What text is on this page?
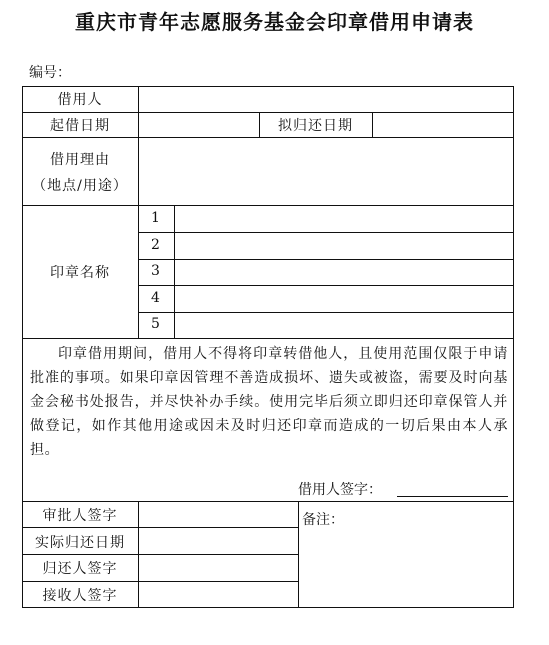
重庆市青年志愿服务基金会印章借用申请表
编号：
借用人
起借日期	拟归还日期
借用理由
（地点/用途）
印章名称
1
2
3
4
5
印章借用期间，借用人不得将印章转借他人，且使用范围仅限于申请批准的事项。如果印章因管理不善造成损坏、遗失或被盗，需要及时向基金会秘书处报告，并尽快补办手续。使用完毕后须立即归还印章保管人并做登记，如作其他用途或因未及时归还印章而造成的一切后果由本人承担。
借用人签字：
审批人签字
实际归还日期
归还人签字
接收人签字
备注：
